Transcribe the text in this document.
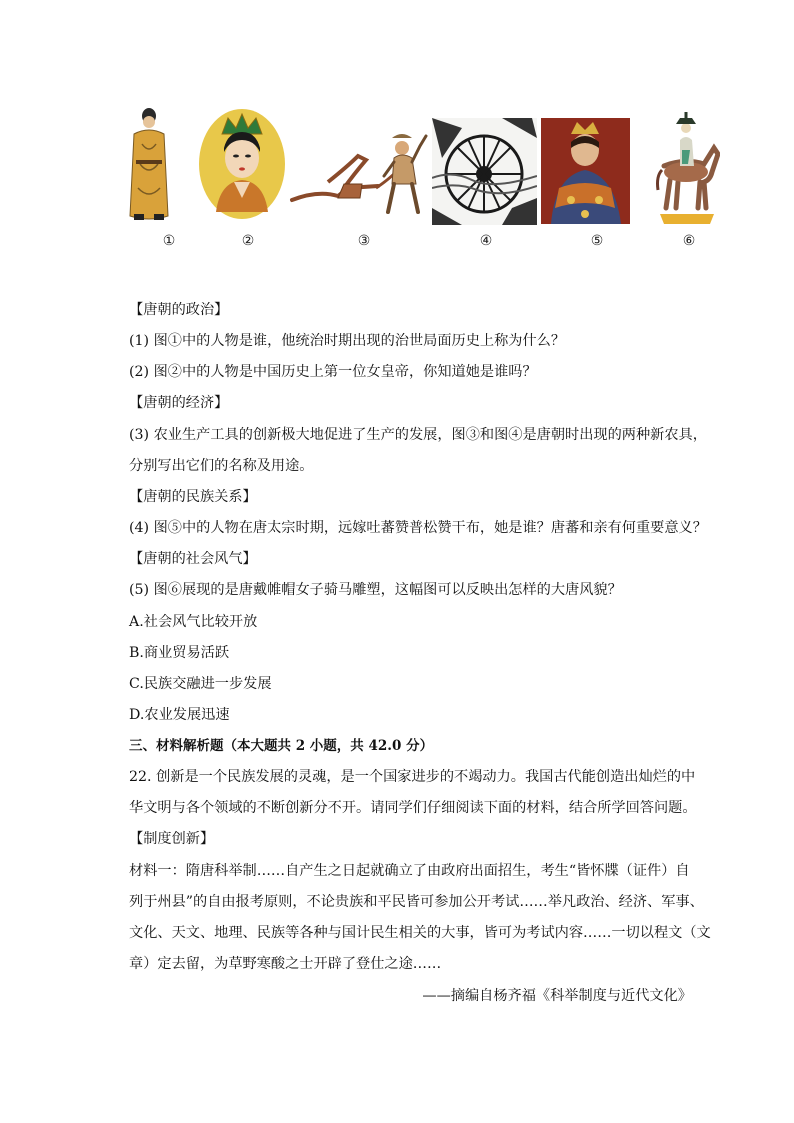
①	②	③	④	⑤	⑥
【唐朝的政治】
(1) 图①中的人物是谁，他统治时期出现的治世局面历史上称为什么？
(2) 图②中的人物是中国历史上第一位女皇帝，你知道她是谁吗？
【唐朝的经济】
(3) 农业生产工具的创新极大地促进了生产的发展，图③和图④是唐朝时出现的两种新农具，
分别写出它们的名称及用途。
【唐朝的民族关系】
(4) 图⑤中的人物在唐太宗时期，远嫁吐蕃赞普松赞干布，她是谁？唐蕃和亲有何重要意义？
【唐朝的社会风气】
(5) 图⑥展现的是唐戴帷帽女子骑马雕塑，这幅图可以反映出怎样的大唐风貌？
A.社会风气比较开放
B.商业贸易活跃
C.民族交融进一步发展
D.农业发展迅速
三、材料解析题（本大题共 2 小题，共 42.0 分）
22. 创新是一个民族发展的灵魂，是一个国家进步的不竭动力。我国古代能创造出灿烂的中
华文明与各个领域的不断创新分不开。请同学们仔细阅读下面的材料，结合所学回答问题。
【制度创新】
材料一：隋唐科举制……自产生之日起就确立了由政府出面招生，考生“皆怀牒（证件）自
列于州县”的自由报考原则，不论贵族和平民皆可参加公开考试……举凡政治、经济、军事、
文化、天文、地理、民族等各种与国计民生相关的大事，皆可为考试内容……一切以程文（文
章）定去留，为草野寒酸之士开辟了登仕之途……
——摘编自杨齐福《科举制度与近代文化》
